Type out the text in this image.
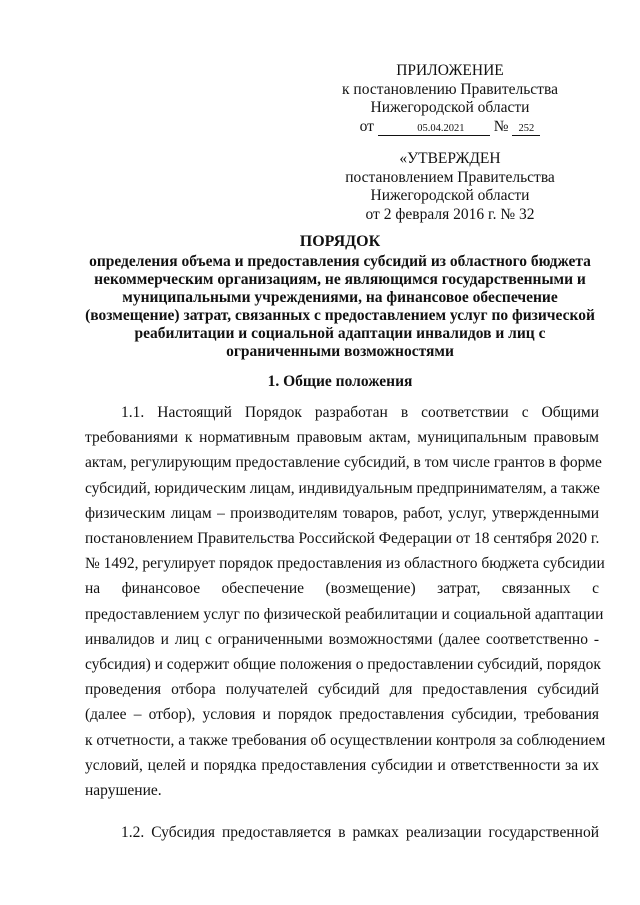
ПРИЛОЖЕНИЕ
к постановлению Правительства
Нижегородской области
от	05.04.2021 № 252
«УТВЕРЖДЕН
постановлением Правительства
Нижегородской области
от 2 февраля 2016 г. № 32
ПОРЯДОК
определения объема и предоставления субсидий из областного бюджета
некоммерческим организациям, не являющимся государственными и
муниципальными учреждениями, на финансовое обеспечение
(возмещение) затрат, связанных с предоставлением услуг по физической
реабилитации и социальной адаптации инвалидов и лиц с
ограниченными возможностями
1. Общие положения
1.1. Настоящий Порядок разработан в соответствии с Общими
требованиями к нормативным правовым актам, муниципальным правовым
актам, регулирующим предоставление субсидий, в том числе грантов в форме
субсидий, юридическим лицам, индивидуальным предпринимателям, а также
физическим лицам – производителям товаров, работ, услуг, утвержденными
постановлением Правительства Российской Федерации от 18 сентября 2020 г.
№ 1492, регулирует порядок предоставления из областного бюджета субсидии
на финансовое обеспечение (возмещение) затрат, связанных с
предоставлением услуг по физической реабилитации и социальной адаптации
инвалидов и лиц с ограниченными возможностями (далее соответственно -
субсидия) и содержит общие положения о предоставлении субсидий, порядок
проведения отбора получателей субсидий для предоставления субсидий
(далее – отбор), условия и порядок предоставления субсидии, требования
к отчетности, а также требования об осуществлении контроля за соблюдением
условий, целей и порядка предоставления субсидии и ответственности за их
нарушение.
1.2. Субсидия предоставляется в рамках реализации государственной
